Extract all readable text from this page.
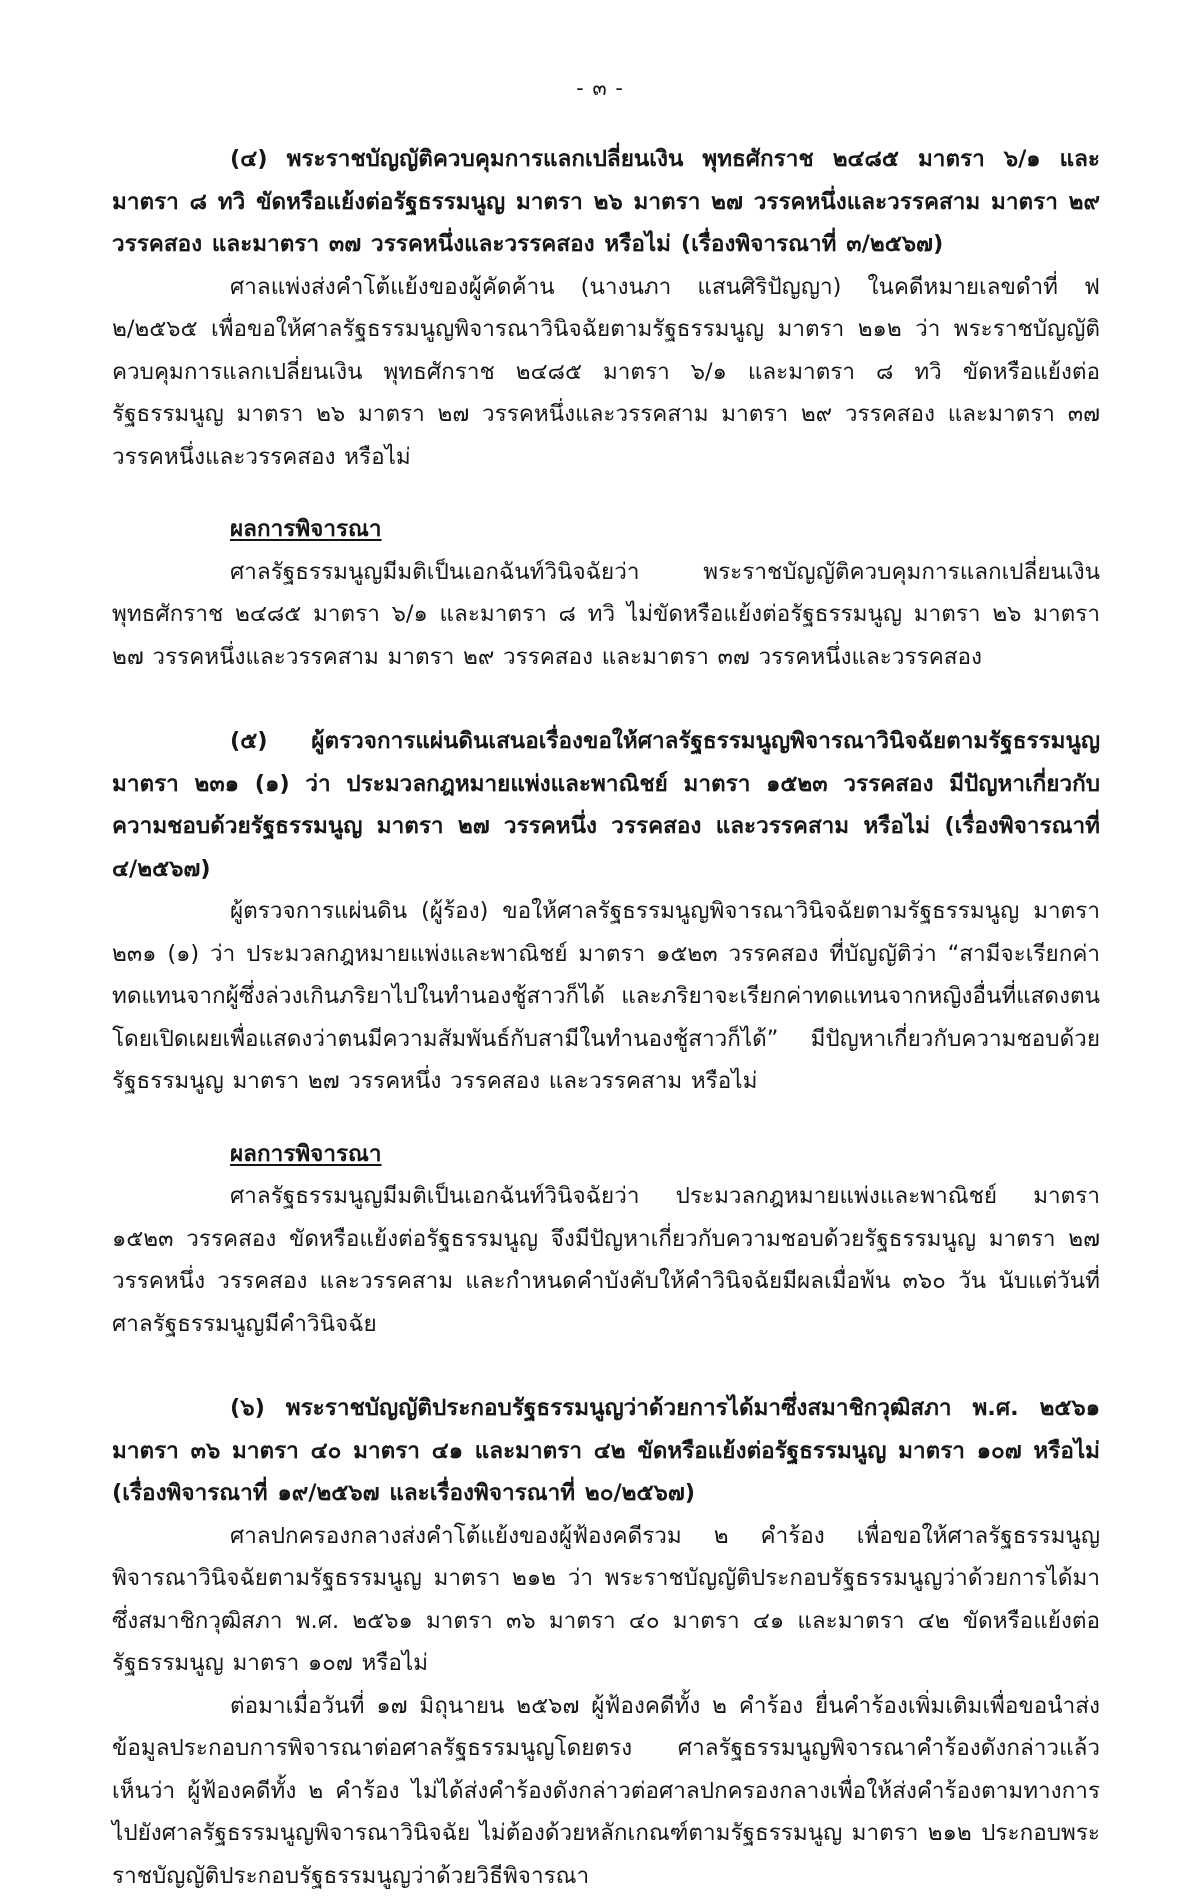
- ๓ -

(๔) พระราชบัญญัติควบคุมการแลกเปลี่ยนเงิน พุทธศักราช ๒๔๘๕ มาตรา ๖/๑ และมาตรา ๘ ทวิ ขัดหรือแย้งต่อรัฐธรรมนูญ มาตรา ๒๖ มาตรา ๒๗ วรรคหนึ่งและวรรคสาม มาตรา ๒๙ วรรคสอง และมาตรา ๓๗ วรรคหนึ่งและวรรคสอง หรือไม่ (เรื่องพิจารณาที่ ๓/๒๕๖๗)

ศาลแพ่งส่งคำโต้แย้งของผู้คัดค้าน (นางนภา แสนศิริปัญญา) ในคดีหมายเลขดำที่ ฟ ๒/๒๕๖๕ เพื่อขอให้ศาลรัฐธรรมนูญพิจารณาวินิจฉัยตามรัฐธรรมนูญ มาตรา ๒๑๒ ว่า พระราชบัญญัติควบคุมการแลกเปลี่ยนเงิน พุทธศักราช ๒๔๘๕ มาตรา ๖/๑ และมาตรา ๘ ทวิ ขัดหรือแย้งต่อรัฐธรรมนูญ มาตรา ๒๖ มาตรา ๒๗ วรรคหนึ่งและวรรคสาม มาตรา ๒๙ วรรคสอง และมาตรา ๓๗ วรรคหนึ่งและวรรคสอง หรือไม่

ผลการพิจารณา

ศาลรัฐธรรมนูญมีมติเป็นเอกฉันท์วินิจฉัยว่า พระราชบัญญัติควบคุมการแลกเปลี่ยนเงิน พุทธศักราช ๒๔๘๕ มาตรา ๖/๑ และมาตรา ๘ ทวิ ไม่ขัดหรือแย้งต่อรัฐธรรมนูญ มาตรา ๒๖ มาตรา ๒๗ วรรคหนึ่งและวรรคสาม มาตรา ๒๙ วรรคสอง และมาตรา ๓๗ วรรคหนึ่งและวรรคสอง

(๕) ผู้ตรวจการแผ่นดินเสนอเรื่องขอให้ศาลรัฐธรรมนูญพิจารณาวินิจฉัยตามรัฐธรรมนูญ มาตรา ๒๓๑ (๑) ว่า ประมวลกฎหมายแพ่งและพาณิชย์ มาตรา ๑๕๒๓ วรรคสอง มีปัญหาเกี่ยวกับความชอบด้วยรัฐธรรมนูญ มาตรา ๒๗ วรรคหนึ่ง วรรคสอง และวรรคสาม หรือไม่ (เรื่องพิจารณาที่ ๔/๒๕๖๗)

ผู้ตรวจการแผ่นดิน (ผู้ร้อง) ขอให้ศาลรัฐธรรมนูญพิจารณาวินิจฉัยตามรัฐธรรมนูญ มาตรา ๒๓๑ (๑) ว่า ประมวลกฎหมายแพ่งและพาณิชย์ มาตรา ๑๕๒๓ วรรคสอง ที่บัญญัติว่า “สามีจะเรียกค่าทดแทนจากผู้ซึ่งล่วงเกินภริยาไปในทำนองชู้สาวก็ได้ และภริยาจะเรียกค่าทดแทนจากหญิงอื่นที่แสดงตนโดยเปิดเผยเพื่อแสดงว่าตนมีความสัมพันธ์กับสามีในทำนองชู้สาวก็ได้” มีปัญหาเกี่ยวกับความชอบด้วยรัฐธรรมนูญ มาตรา ๒๗ วรรคหนึ่ง วรรคสอง และวรรคสาม หรือไม่

ผลการพิจารณา

ศาลรัฐธรรมนูญมีมติเป็นเอกฉันท์วินิจฉัยว่า ประมวลกฎหมายแพ่งและพาณิชย์ มาตรา ๑๕๒๓ วรรคสอง ขัดหรือแย้งต่อรัฐธรรมนูญ จึงมีปัญหาเกี่ยวกับความชอบด้วยรัฐธรรมนูญ มาตรา ๒๗ วรรคหนึ่ง วรรคสอง และวรรคสาม และกำหนดคำบังคับให้คำวินิจฉัยมีผลเมื่อพ้น ๓๖๐ วัน นับแต่วันที่ศาลรัฐธรรมนูญมีคำวินิจฉัย

(๖) พระราชบัญญัติประกอบรัฐธรรมนูญว่าด้วยการได้มาซึ่งสมาชิกวุฒิสภา พ.ศ. ๒๕๖๑ มาตรา ๓๖ มาตรา ๔๐ มาตรา ๔๑ และมาตรา ๔๒ ขัดหรือแย้งต่อรัฐธรรมนูญ มาตรา ๑๐๗ หรือไม่ (เรื่องพิจารณาที่ ๑๙/๒๕๖๗ และเรื่องพิจารณาที่ ๒๐/๒๕๖๗)

ศาลปกครองกลางส่งคำโต้แย้งของผู้ฟ้องคดีรวม ๒ คำร้อง เพื่อขอให้ศาลรัฐธรรมนูญพิจารณาวินิจฉัยตามรัฐธรรมนูญ มาตรา ๒๑๒ ว่า พระราชบัญญัติประกอบรัฐธรรมนูญว่าด้วยการได้มาซึ่งสมาชิกวุฒิสภา พ.ศ. ๒๕๖๑ มาตรา ๓๖ มาตรา ๔๐ มาตรา ๔๑ และมาตรา ๔๒ ขัดหรือแย้งต่อรัฐธรรมนูญ มาตรา ๑๐๗ หรือไม่

ต่อมาเมื่อวันที่ ๑๗ มิถุนายน ๒๕๖๗ ผู้ฟ้องคดีทั้ง ๒ คำร้อง ยื่นคำร้องเพิ่มเติมเพื่อขอนำส่งข้อมูลประกอบการพิจารณาต่อศาลรัฐธรรมนูญโดยตรง ศาลรัฐธรรมนูญพิจารณาคำร้องดังกล่าวแล้วเห็นว่า ผู้ฟ้องคดีทั้ง ๒ คำร้อง ไม่ได้ส่งคำร้องดังกล่าวต่อศาลปกครองกลางเพื่อให้ส่งคำร้องตามทางการไปยังศาลรัฐธรรมนูญพิจารณาวินิจฉัย ไม่ต้องด้วยหลักเกณฑ์ตามรัฐธรรมนูญ มาตรา ๒๑๒ ประกอบพระราชบัญญัติประกอบรัฐธรรมนูญว่าด้วยวิธีพิจารณา
